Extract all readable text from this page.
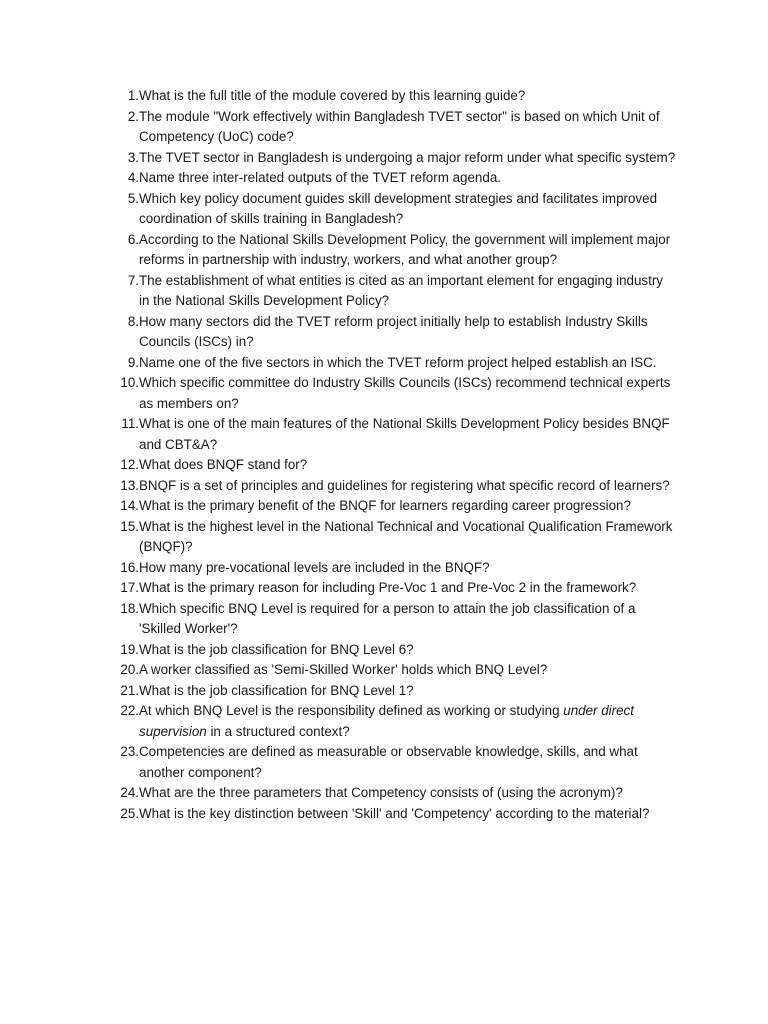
1. What is the full title of the module covered by this learning guide?
2. The module "Work effectively within Bangladesh TVET sector" is based on which Unit of Competency (UoC) code?
3. The TVET sector in Bangladesh is undergoing a major reform under what specific system?
4. Name three inter-related outputs of the TVET reform agenda.
5. Which key policy document guides skill development strategies and facilitates improved coordination of skills training in Bangladesh?
6. According to the National Skills Development Policy, the government will implement major reforms in partnership with industry, workers, and what another group?
7. The establishment of what entities is cited as an important element for engaging industry in the National Skills Development Policy?
8. How many sectors did the TVET reform project initially help to establish Industry Skills Councils (ISCs) in?
9. Name one of the five sectors in which the TVET reform project helped establish an ISC.
10. Which specific committee do Industry Skills Councils (ISCs) recommend technical experts as members on?
11. What is one of the main features of the National Skills Development Policy besides BNQF and CBT&A?
12. What does BNQF stand for?
13. BNQF is a set of principles and guidelines for registering what specific record of learners?
14. What is the primary benefit of the BNQF for learners regarding career progression?
15. What is the highest level in the National Technical and Vocational Qualification Framework (BNQF)?
16. How many pre-vocational levels are included in the BNQF?
17. What is the primary reason for including Pre-Voc 1 and Pre-Voc 2 in the framework?
18. Which specific BNQ Level is required for a person to attain the job classification of a 'Skilled Worker'?
19. What is the job classification for BNQ Level 6?
20. A worker classified as 'Semi-Skilled Worker' holds which BNQ Level?
21. What is the job classification for BNQ Level 1?
22. At which BNQ Level is the responsibility defined as working or studying under direct supervision in a structured context?
23. Competencies are defined as measurable or observable knowledge, skills, and what another component?
24. What are the three parameters that Competency consists of (using the acronym)?
25. What is the key distinction between 'Skill' and 'Competency' according to the material?
